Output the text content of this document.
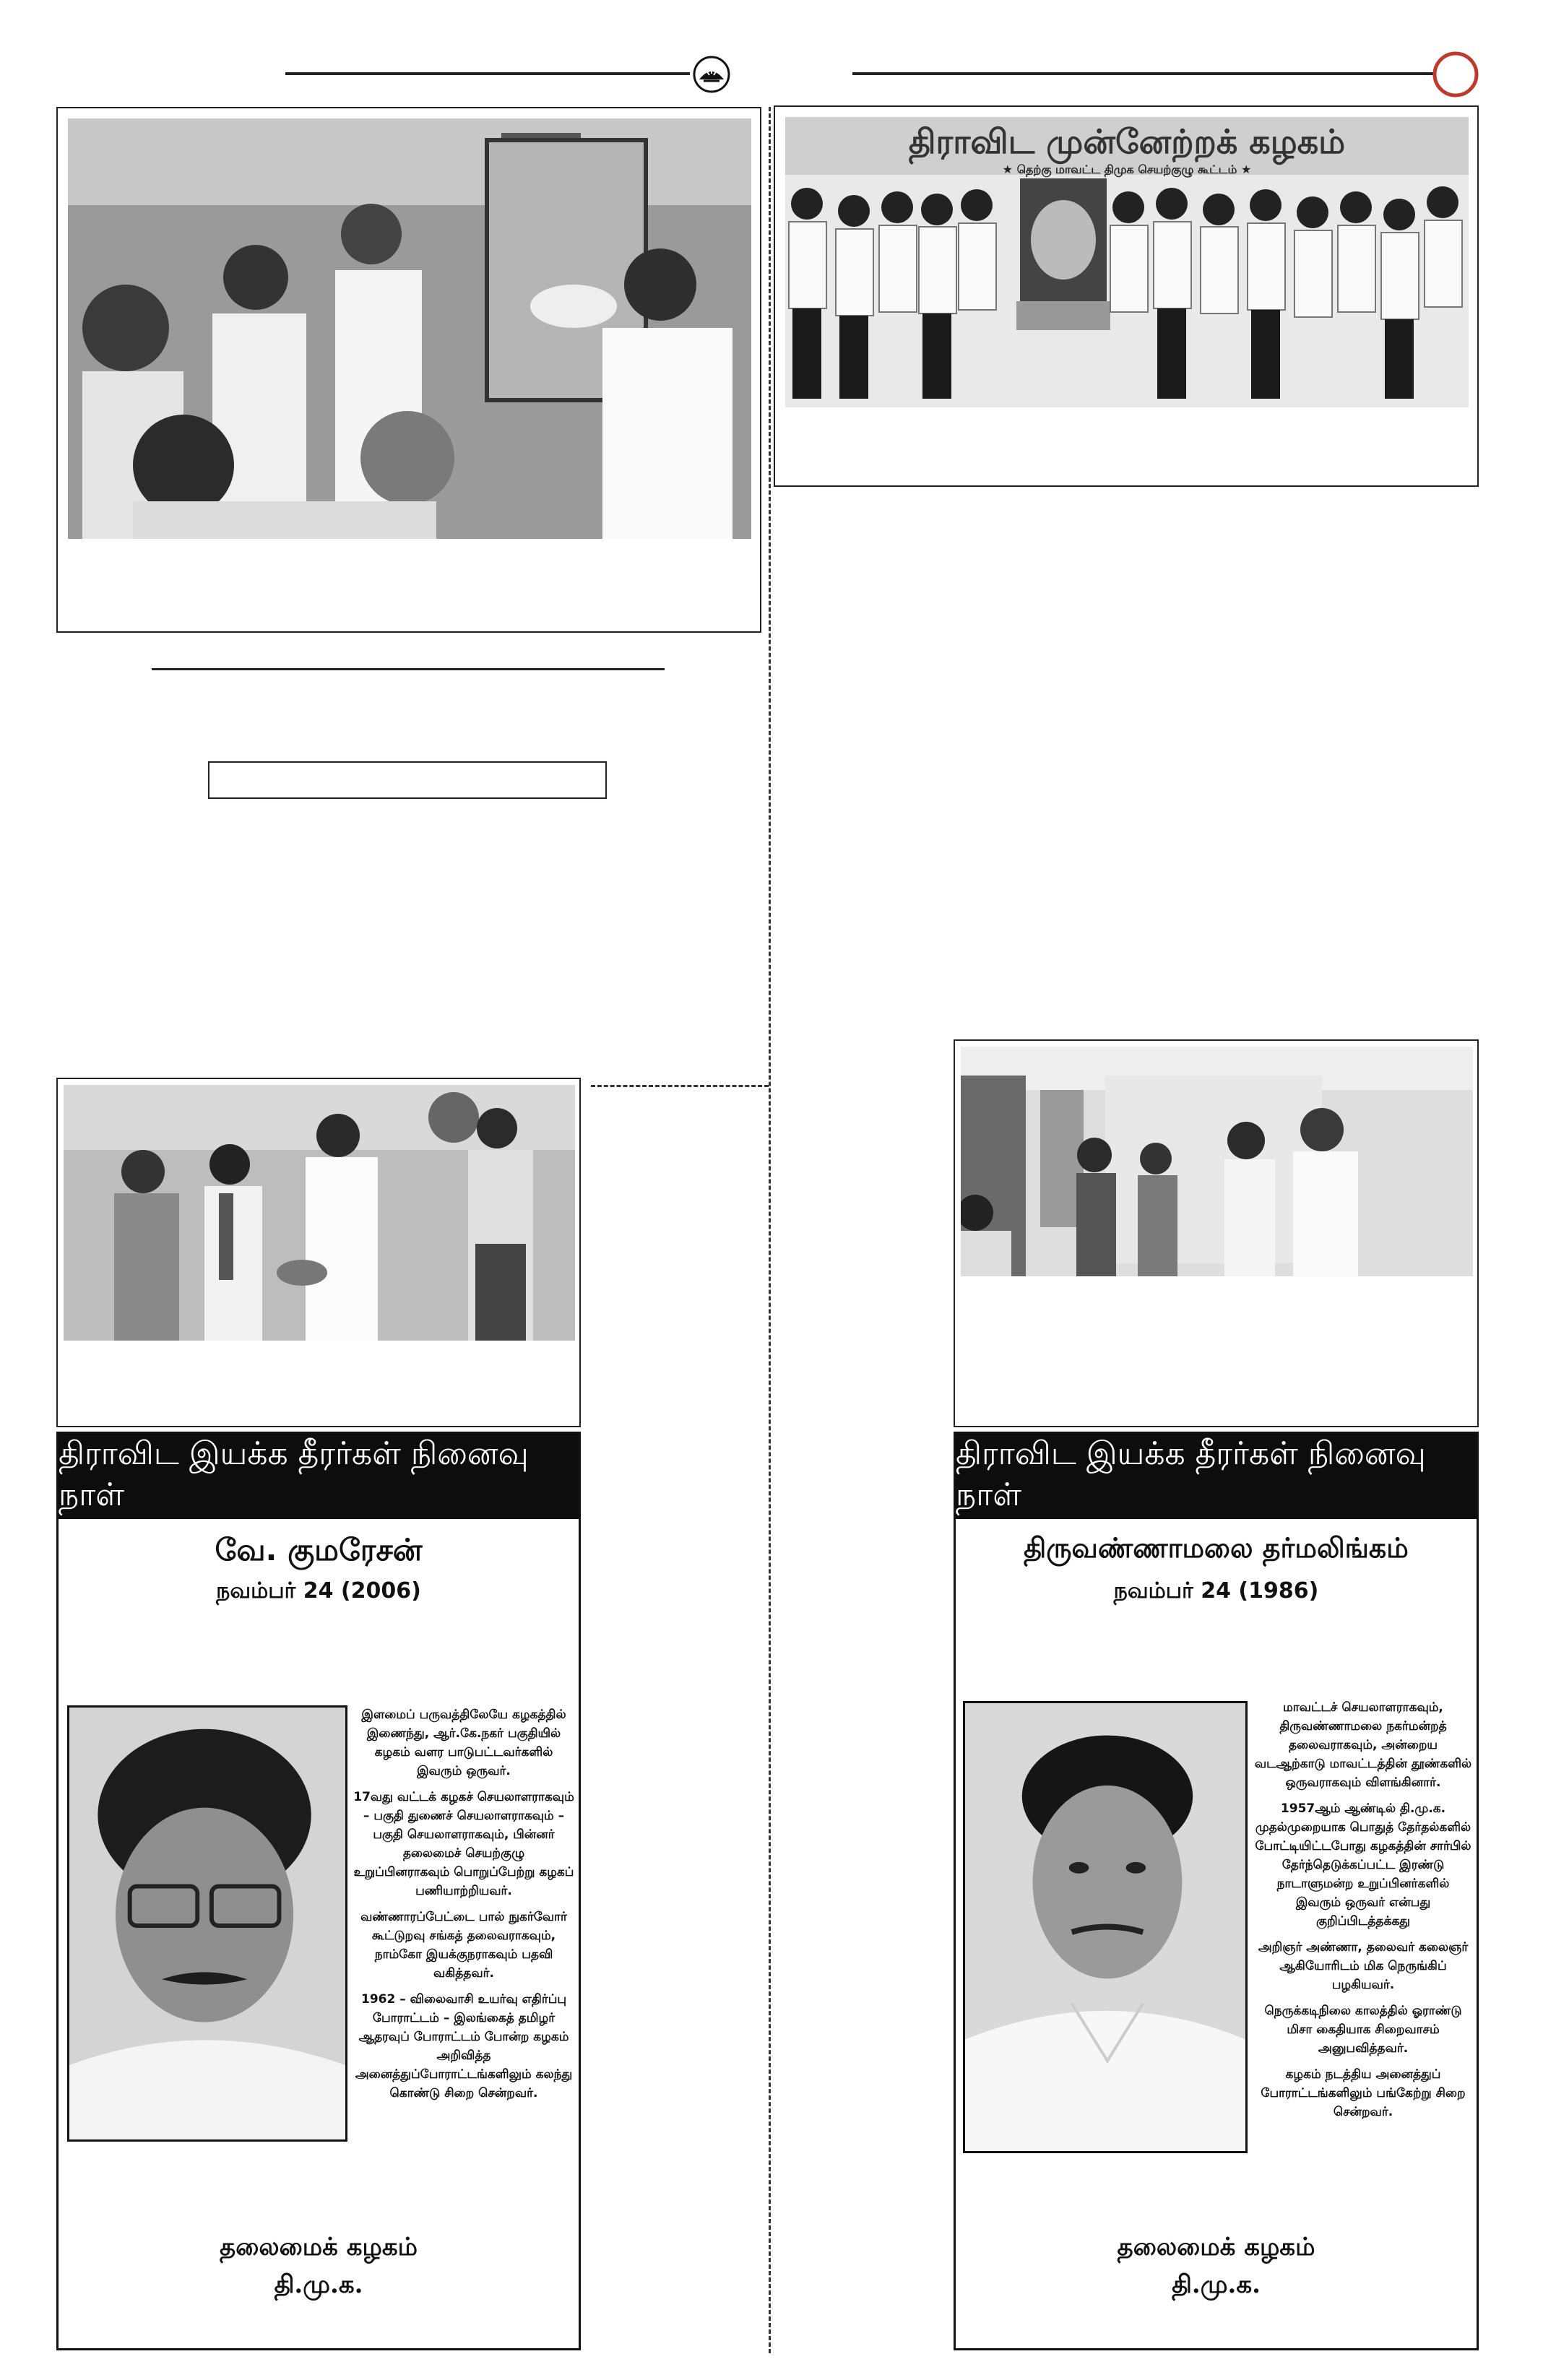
திராவிட முன்னேற்றக் கழகம்
★ தெற்கு மாவட்ட திமுக செயற்குழு கூட்டம் ★
திராவிட இயக்க தீரர்கள் நினைவு நாள்
வே. குமரேசன்
நவம்பர் 24 (2006)

இளமைப் பருவத்திலேயே கழகத்தில் இணைந்து, ஆர்.கே.நகர் பகுதியில் கழகம் வளர பாடுபட்டவர்களில் இவரும் ஒருவர்.

17வது வட்டக் கழகச் செயலாளராகவும் – பகுதி துணைச் செயலாளராகவும் – பகுதி செயலாளராகவும், பின்னர் தலைமைச் செயற்குழு உறுப்பினராகவும் பொறுப்பேற்று கழகப் பணியாற்றியவர்.

வண்ணாரப்பேட்டை பால் நுகர்வோர் கூட்டுறவு சங்கத் தலைவராகவும், நாம்கோ இயக்குநராகவும் பதவி வகித்தவர்.

1962 – விலைவாசி உயர்வு எதிர்ப்பு போராட்டம் – இலங்கைத் தமிழர் ஆதரவுப் போராட்டம் போன்ற கழகம் அறிவித்த அனைத்துப்போராட்டங்களிலும் கலந்து கொண்டு சிறை சென்றவர்.

தலைமைக் கழகம்
தி.மு.க.
திராவிட இயக்க தீரர்கள் நினைவு நாள்
திருவண்ணாமலை தர்மலிங்கம்
நவம்பர் 24 (1986)

மாவட்டச் செயலாளராகவும், திருவண்ணாமலை நகர்மன்றத் தலைவராகவும், அன்றைய வடஆற்காடு மாவட்டத்தின் தூண்களில் ஒருவராகவும் விளங்கினார்.

1957ஆம் ஆண்டில் தி.மு.க. முதல்முறையாக பொதுத் தேர்தல்களில் போட்டியிட்டபோது கழகத்தின் சார்பில் தேர்ந்தெடுக்கப்பட்ட இரண்டு நாடாளுமன்ற உறுப்பினர்களில் இவரும் ஒருவர் என்பது குறிப்பிடத்தக்கது

அறிஞர் அண்ணா, தலைவர் கலைஞர் ஆகியோரிடம் மிக நெருங்கிப் பழகியவர்.

நெருக்கடிநிலை காலத்தில் ஓராண்டு மிசா கைதியாக சிறைவாசம் அனுபவித்தவர்.

கழகம் நடத்திய அனைத்துப் போராட்டங்களிலும் பங்கேற்று சிறை சென்றவர்.

தலைமைக் கழகம்
தி.மு.க.
